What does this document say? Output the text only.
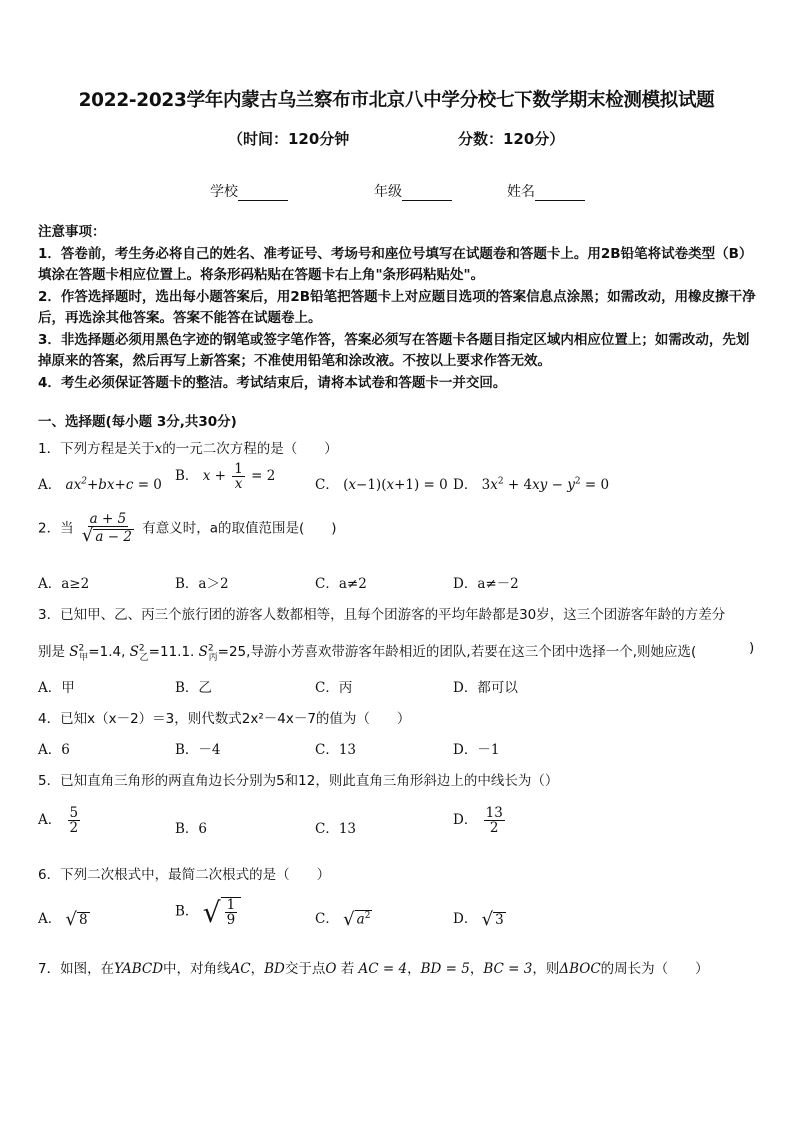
2022-2023学年内蒙古乌兰察布市北京八中学分校七下数学期末检测模拟试题
（时间：120分钟	分数：120分）
学校	年级	姓名
注意事项：
1．答卷前，考生务必将自己的姓名、准考证号、考场号和座位号填写在试题卷和答题卡上。用2B铅笔将试卷类型（B）填涂在答题卡相应位置上。将条形码粘贴在答题卡右上角"条形码粘贴处"。
2．作答选择题时，选出每小题答案后，用2B铅笔把答题卡上对应题目选项的答案信息点涂黑；如需改动，用橡皮擦干净后，再选涂其他答案。答案不能答在试题卷上。
3．非选择题必须用黑色字迹的钢笔或签字笔作答，答案必须写在答题卡各题目指定区域内相应位置上；如需改动，先划掉原来的答案，然后再写上新答案；不准使用铅笔和涂改液。不按以上要求作答无效。
4．考生必须保证答题卡的整洁。考试结束后，请将本试卷和答题卡一并交回。
一、选择题(每小题 3分,共30分)
1．下列方程是关于x的一元二次方程的是（　　）
A． $ax^2+bx+c = 0$
B． $x + \frac{1}{x} = 2$
C． (x−1)(x+1) = 0 D． $3x^2 + 4xy - y^2 = 0$
2．当 $\frac{a + 5}{√ a - 2}$ 有意义时，a的取值范围是(　　)
A．a≥2	B．a＞2	C．a≠2	D．a≠－2
3．已知甲、乙、丙三个旅行团的游客人数都相等，且每个团游客的平均年龄都是30岁，这三个团游客年龄的方差分
别是 $S^2_甲=1.4$, $S^2_乙=11.1$. $S^2_丙=25$,导游小芳喜欢带游客年龄相近的团队,若要在这三个团中选择一个,则她应选(	)
A．甲	B．乙	C．丙	D．都可以
4．已知x（x－2）＝3，则代数式2x²－4x－7的值为（　　）
A．6	B．－4	C．13	D．－1
5．已知直角三角形的两直角边长分别为5和12，则此直角三角形斜边上的中线长为（）
A． $\frac{5}{2}$	B．6	C．13
D． $\frac{13}{2}$
6．下列二次根式中，最简二次根式的是（　　）
A． √ 8
B． √ $\frac{1}{9}$	C． √ $a^2$	D． √ 3
7．如图，在YABCD中，对角线AC，BD交于点O 若 AC = 4，BD = 5，BC = 3，则ΔBOC的周长为（　　）
